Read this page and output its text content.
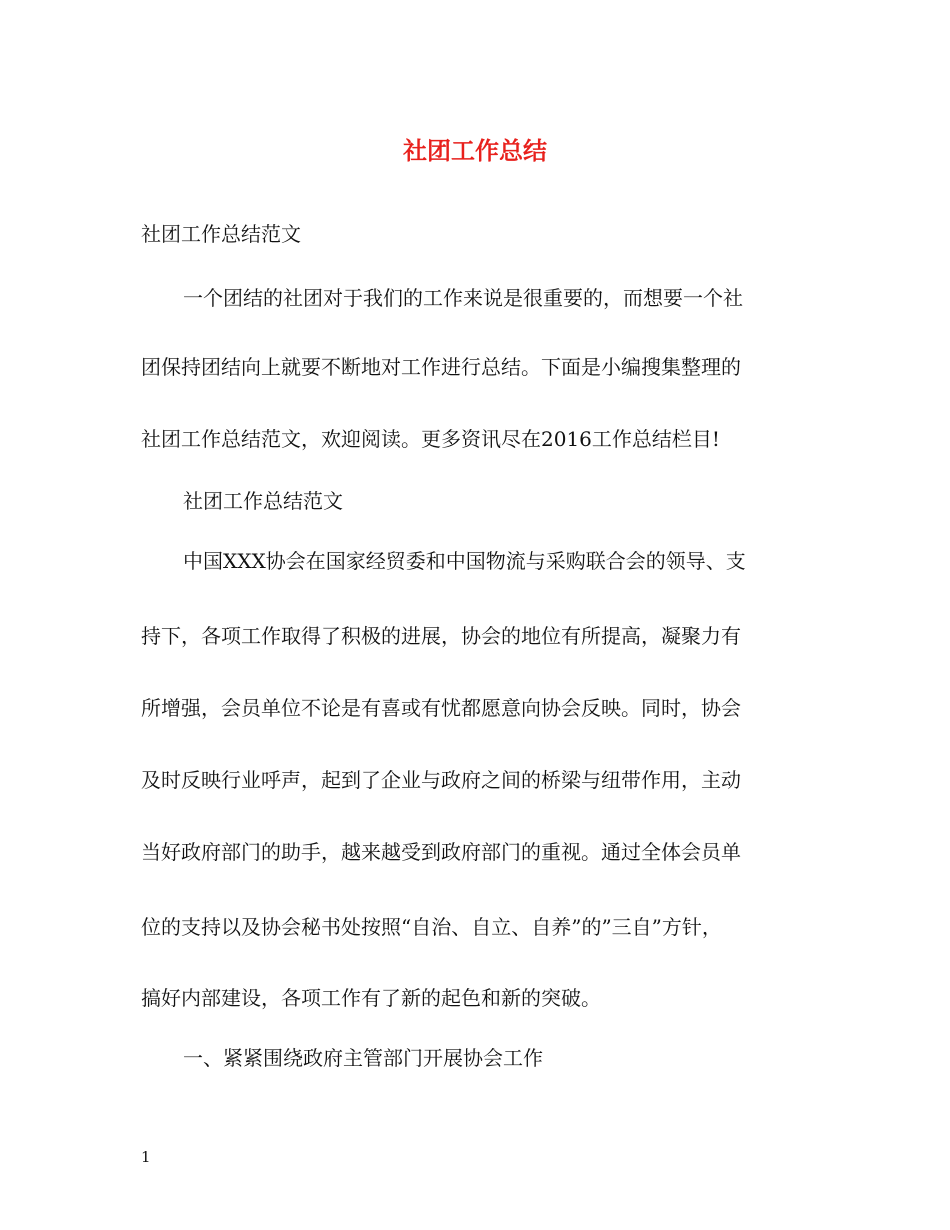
社团工作总结
社团工作总结范文
一个团结的社团对于我们的工作来说是很重要的，而想要一个社
团保持团结向上就要不断地对工作进行总结。下面是小编搜集整理的
社团工作总结范文，欢迎阅读。更多资讯尽在2016工作总结栏目!
社团工作总结范文
中国XXX协会在国家经贸委和中国物流与采购联合会的领导、支
持下，各项工作取得了积极的进展，协会的地位有所提高，凝聚力有
所增强，会员单位不论是有喜或有忧都愿意向协会反映。同时，协会
及时反映行业呼声，起到了企业与政府之间的桥梁与纽带作用，主动
当好政府部门的助手，越来越受到政府部门的重视。通过全体会员单
位的支持以及协会秘书处按照“自治、自立、自养”的”三自”方针，
搞好内部建设，各项工作有了新的起色和新的突破。
一、紧紧围绕政府主管部门开展协会工作
1
